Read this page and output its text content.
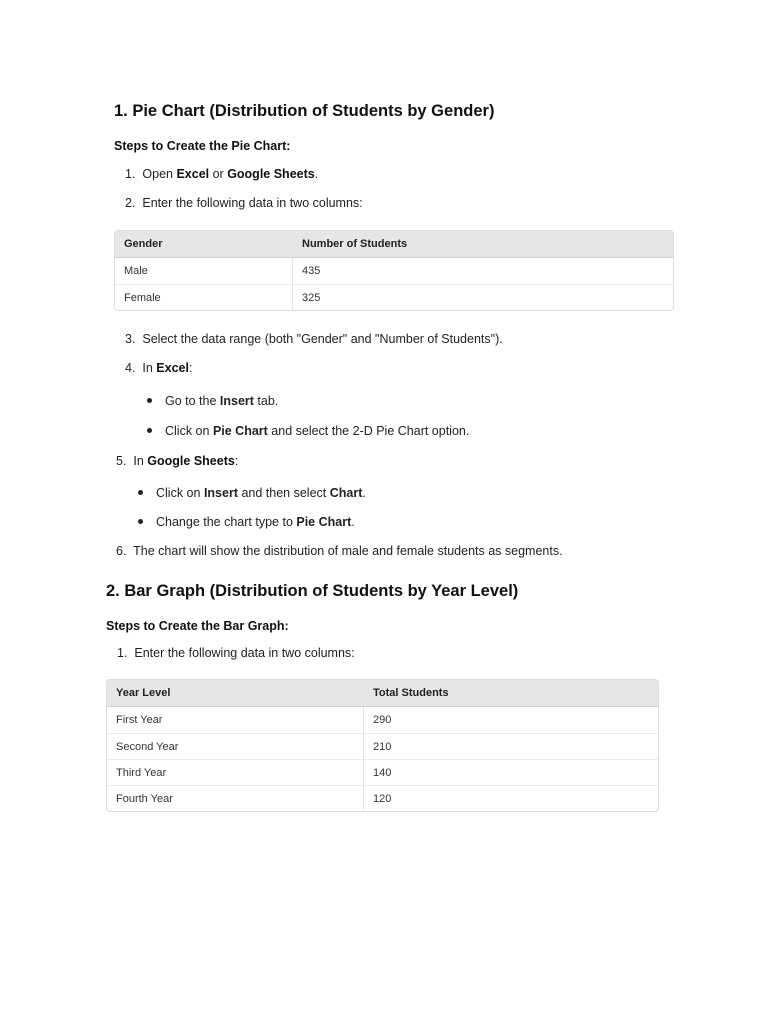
1. Pie Chart (Distribution of Students by Gender)
Steps to Create the Pie Chart:
1. Open Excel or Google Sheets.
2. Enter the following data in two columns:
Gender	Number of Students
Male	435
Female	325
3. Select the data range (both "Gender" and "Number of Students").
4. In Excel:
Go to the Insert tab.
Click on Pie Chart and select the 2-D Pie Chart option.
5. In Google Sheets:
Click on Insert and then select Chart.
Change the chart type to Pie Chart.
6. The chart will show the distribution of male and female students as segments.
2. Bar Graph (Distribution of Students by Year Level)
Steps to Create the Bar Graph:
1. Enter the following data in two columns:
Year Level	Total Students
First Year	290
Second Year	210
Third Year	140
Fourth Year	120
